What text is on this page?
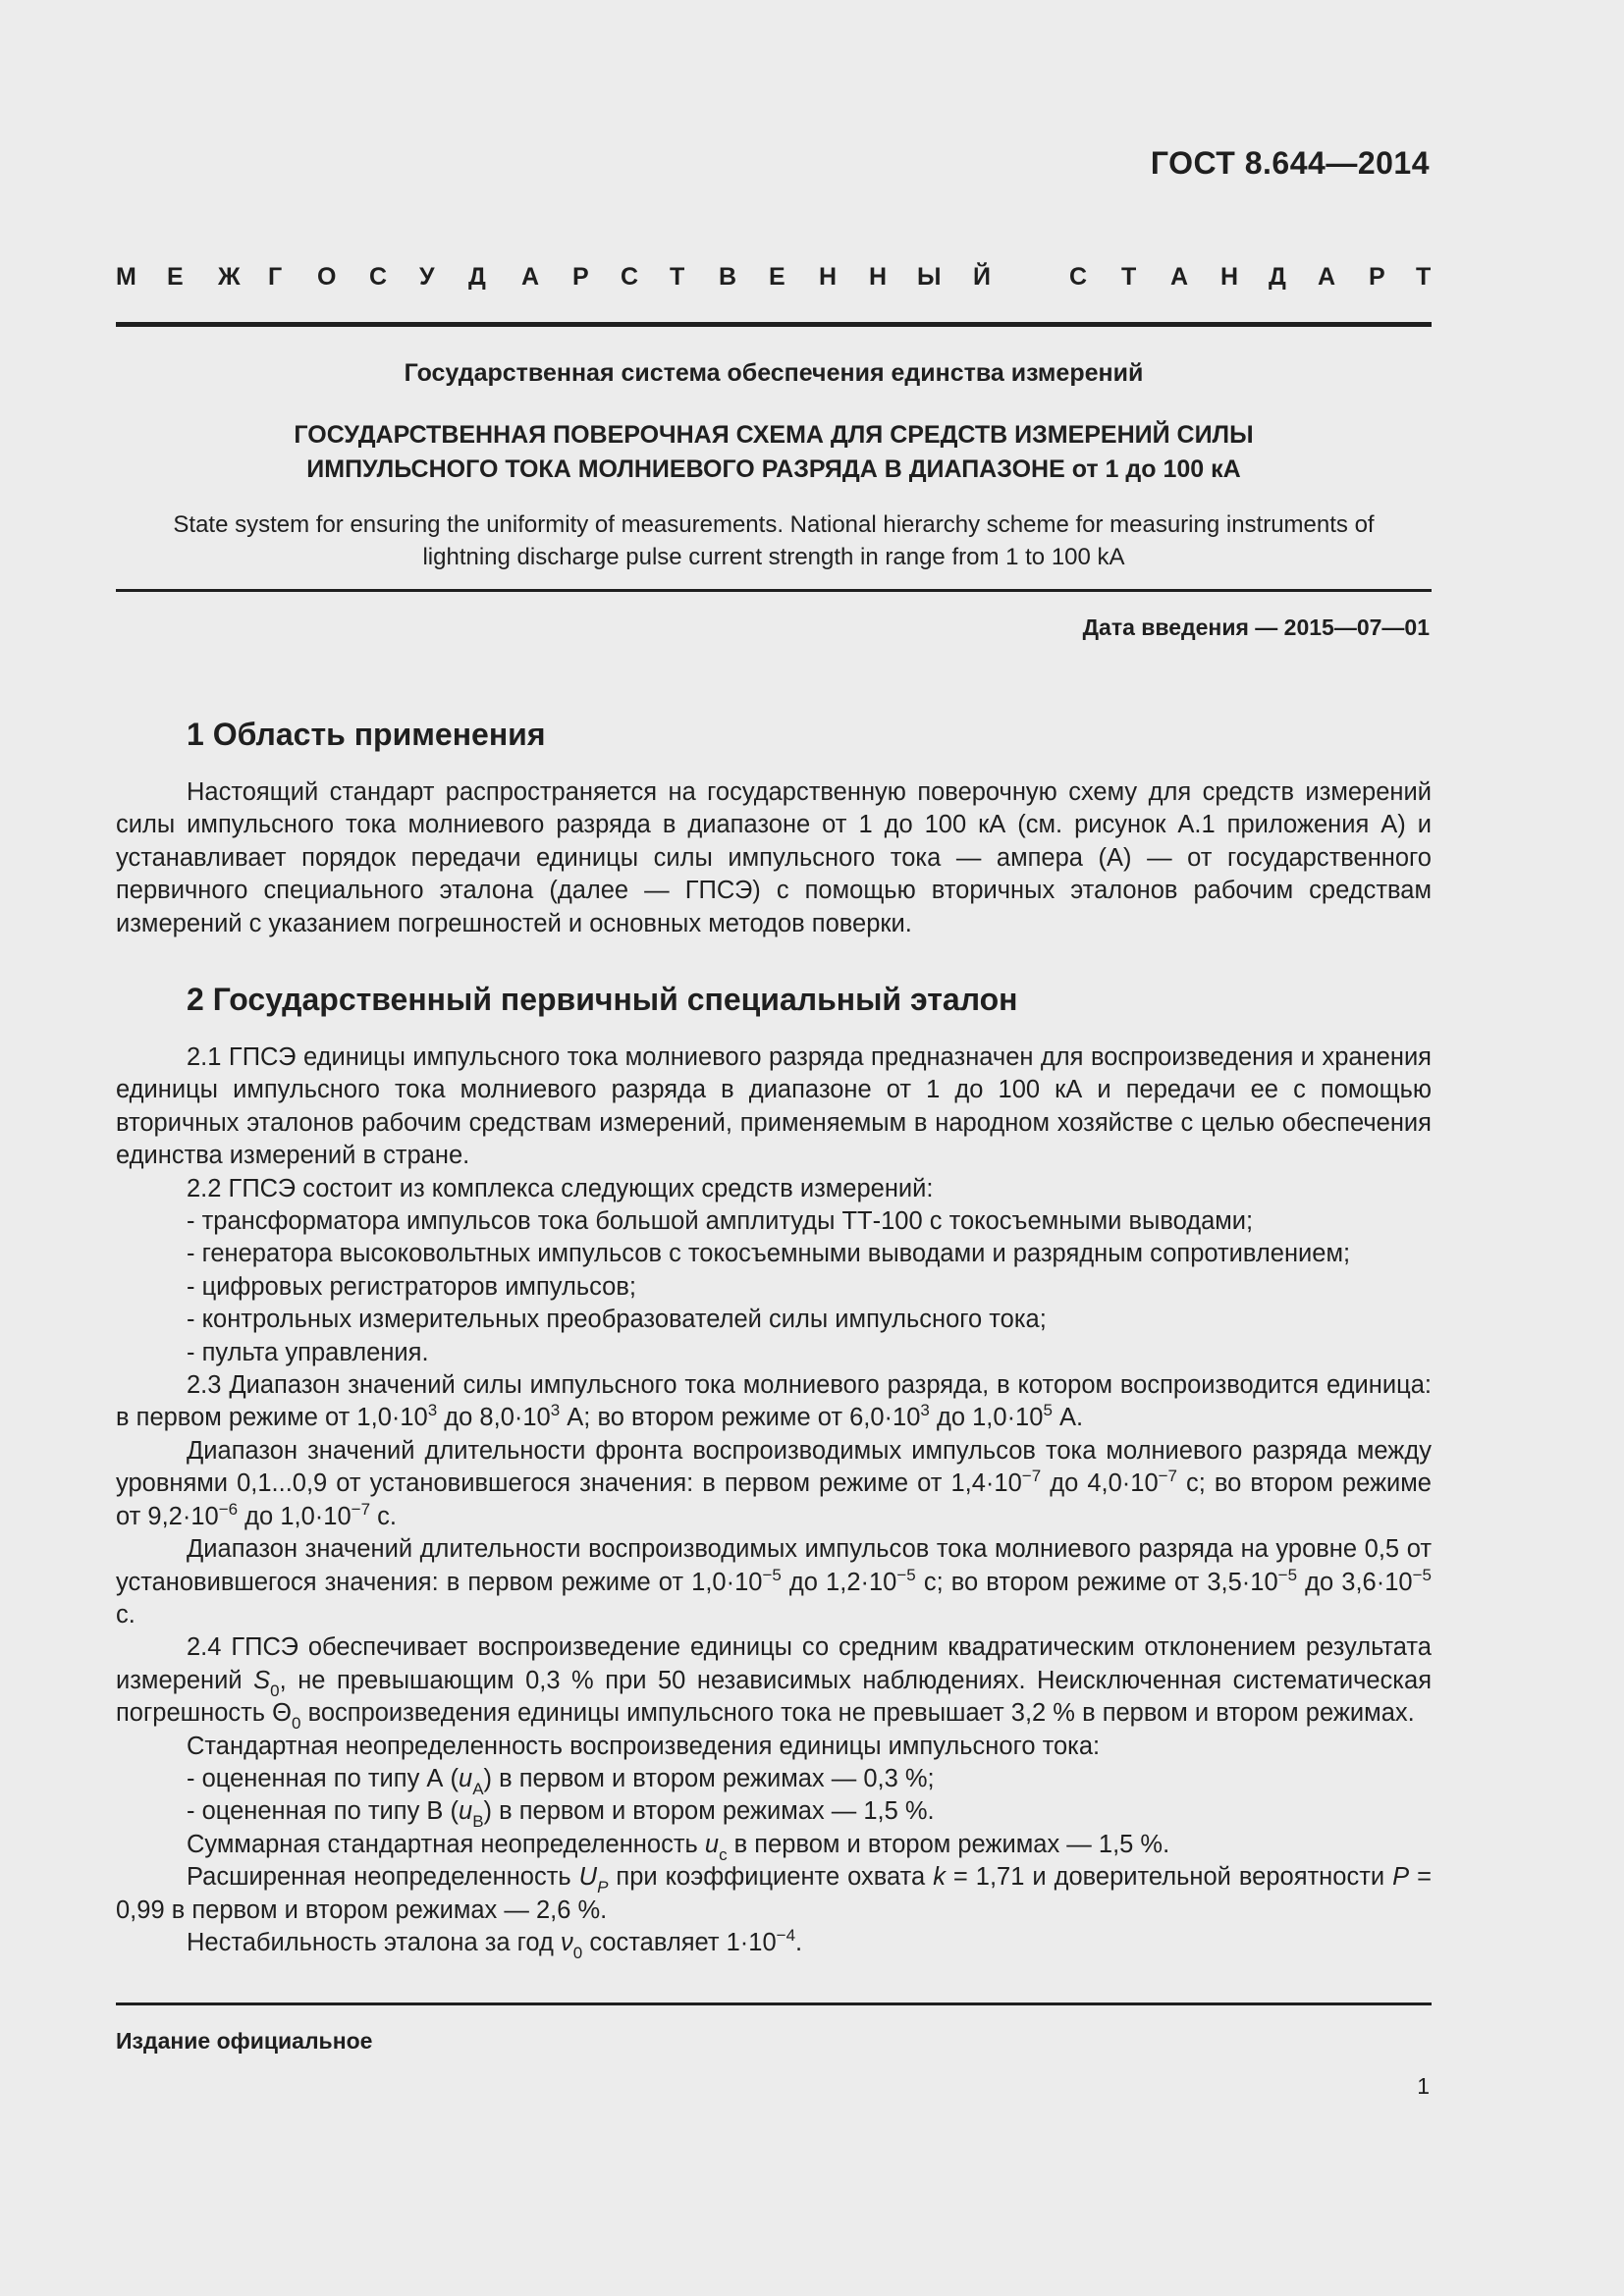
ГОСТ 8.644—2014
М Е Ж Г О С У Д А Р С Т В Е Н Н Ы Й	С Т А Н Д А Р Т
Государственная система обеспечения единства измерений
ГОСУДАРСТВЕННАЯ ПОВЕРОЧНАЯ СХЕМА ДЛЯ СРЕДСТВ ИЗМЕРЕНИЙ СИЛЫ
ИМПУЛЬСНОГО ТОКА МОЛНИЕВОГО РАЗРЯДА В ДИАПАЗОНЕ от 1 до 100 кА
State system for ensuring the uniformity of measurements. National hierarchy scheme for measuring instruments of
lightning discharge pulse current strength in range from 1 to 100 kA
Дата введения — 2015—07—01
1 Область применения

Настоящий стандарт распространяется на государственную поверочную схему для средств измерений силы импульсного тока молниевого разряда в диапазоне от 1 до 100 кА (см. рисунок А.1 приложения А) и устанавливает порядок передачи единицы силы импульсного тока — ампера (А) — от государственного первичного специального эталона (далее — ГПСЭ) с помощью вторичных эталонов рабочим средствам измерений с указанием погрешностей и основных методов поверки.

2 Государственный первичный специальный эталон

2.1 ГПСЭ единицы импульсного тока молниевого разряда предназначен для воспроизведения и хранения единицы импульсного тока молниевого разряда в диапазоне от 1 до 100 кА и передачи ее с помощью вторичных эталонов рабочим средствам измерений, применяемым в народном хозяйстве с целью обеспечения единства измерений в стране.

2.2 ГПСЭ состоит из комплекса следующих средств измерений:

- трансформатора импульсов тока большой амплитуды ТТ-100 с токосъемными выводами;

- генератора высоковольтных импульсов с токосъемными выводами и разрядным сопротивлением;

- цифровых регистраторов импульсов;

- контрольных измерительных преобразователей силы импульсного тока;

- пульта управления.

2.3 Диапазон значений силы импульсного тока молниевого разряда, в котором воспроизводится единица: в первом режиме от $1,0\cdot 10^3$ до $8,0\cdot 10^3$ А; во втором режиме от $6,0\cdot 10^3$ до $1,0\cdot 10^5$ А.

Диапазон значений длительности фронта воспроизводимых импульсов тока молниевого разряда между уровнями 0,1...0,9 от установившегося значения: в первом режиме от $1,4\cdot 10^{-7}$ до $4,0\cdot 10^{-7}$ с; во втором режиме от $9,2\cdot 10^{-6}$ до $1,0\cdot 10^{-7}$ с.

Диапазон значений длительности воспроизводимых импульсов тока молниевого разряда на уровне 0,5 от установившегося значения: в первом режиме от $1,0\cdot 10^{-5}$ до $1,2\cdot 10^{-5}$ с; во втором режиме от $3,5\cdot 10^{-5}$ до $3,6\cdot 10^{-5}$ с.

2.4 ГПСЭ обеспечивает воспроизведение единицы со средним квадратическим отклонением результата измерений $S_0$, не превышающим 0,3 % при 50 независимых наблюдениях. Неисключенная систематическая погрешность $\Theta_0$ воспроизведения единицы импульсного тока не превышает 3,2 % в первом и втором режимах.

Стандартная неопределенность воспроизведения единицы импульсного тока:

- оцененная по типу А $(u_A)$ в первом и втором режимах — 0,3 %;

- оцененная по типу В $(u_B)$ в первом и втором режимах — 1,5 %.

Суммарная стандартная неопределенность $u_c$ в первом и втором режимах — 1,5 %.

Расширенная неопределенность $U_P$ при коэффициенте охвата k = 1,71 и доверительной вероятности P = 0,99 в первом и втором режимах — 2,6 %.

Нестабильность эталона за год $\nu_0$ составляет $1\cdot 10^{-4}$.

Издание официальное
1
